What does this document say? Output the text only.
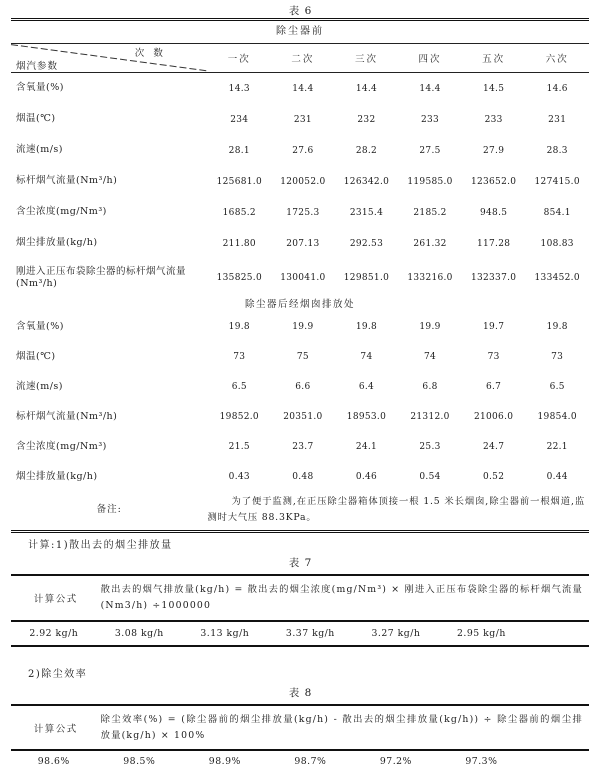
表 6
除尘器前
次 数
烟汽参数
一次	二次	三次	四次	五次	六次
含氧量(%)	14.3	14.4	14.4	14.4	14.5	14.6
烟温(℃)	234	231	232	233	233	231
流速(m/s)	28.1	27.6	28.2	27.5	27.9	28.3
标杆烟气流量(Nm³/h)	125681.0	120052.0	126342.0	119585.0	123652.0	127415.0
含尘浓度(mg/Nm³)	1685.2	1725.3	2315.4	2185.2	948.5	854.1
烟尘排放量(kg/h)	211.80	207.13	292.53	261.32	117.28	108.83
刚进入正压布袋除尘器的标杆烟气流量(Nm³/h)	135825.0	130041.0	129851.0	133216.0	132337.0	133452.0
除尘器后经烟囱排放处
含氧量(%)	19.8	19.9	19.8	19.9	19.7	19.8
烟温(℃)	73	75	74	74	73	73
流速(m/s)	6.5	6.6	6.4	6.8	6.7	6.5
标杆烟气流量(Nm³/h)	19852.0	20351.0	18953.0	21312.0	21006.0	19854.0
含尘浓度(mg/Nm³)	21.5	23.7	24.1	25.3	24.7	22.1
烟尘排放量(kg/h)	0.43	0.48	0.46	0.54	0.52	0.44
备注:
为了便于监测,在正压除尘器箱体顶接一根 1.5 米长烟囱,除尘器前一根烟道,监测时大气压 88.3KPa。
计算:1)散出去的烟尘排放量
表 7
计算公式
散出去的烟气排放量(kg/h) = 散出去的烟尘浓度(mg/Nm³) × 刚进入正压布袋除尘器的标杆烟气流量(Nm3/h) ÷1000000
2.92 kg/h	3.08 kg/h	3.13 kg/h	3.37 kg/h	3.27 kg/h	2.95 kg/h
2)除尘效率
表 8
计算公式
除尘效率(%) = (除尘器前的烟尘排放量(kg/h) - 散出去的烟尘排放量(kg/h)) ÷ 除尘器前的烟尘排放量(kg/h) × 100%
98.6%	98.5%	98.9%	98.7%	97.2%	97.3%
